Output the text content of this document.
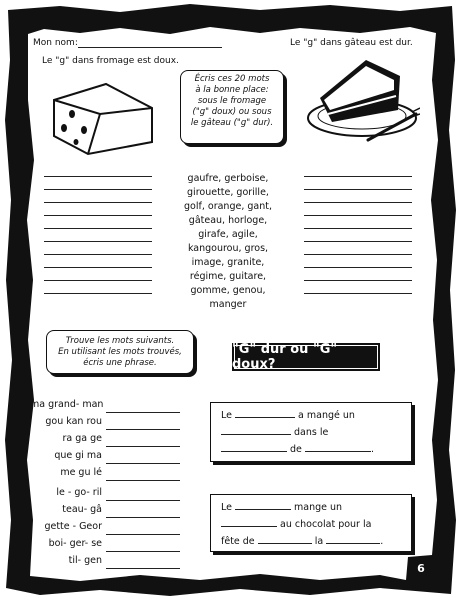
Mon nom:	Le "g" dans gâteau est dur.
Le "g" dans fromage est doux.
Écris ces 20 mots
à la bonne place:
sous le fromage
("g" doux) ou sous
le gâteau ("g" dur).
gaufre, gerboise,
girouette, gorille,
golf, orange, gant,
gâteau, horloge,
girafe, agile,
kangourou, gros,
image, granite,
régime, guitare,
gomme, genou,
manger
Trouve les mots suivants.
En utilisant les mots trouvés,
écris une phrase.
"G" dur ou "G" doux?
ma grand- man
gou kan rou
ra ga ge
que gi ma
me gu lé
Le	a mangé un
dans le
de	.
le - go- ril
teau- gâ
gette - Geor
boi- ger- se
til- gen
Le	mange un
au chocolat pour la
fête de	la	.
6
